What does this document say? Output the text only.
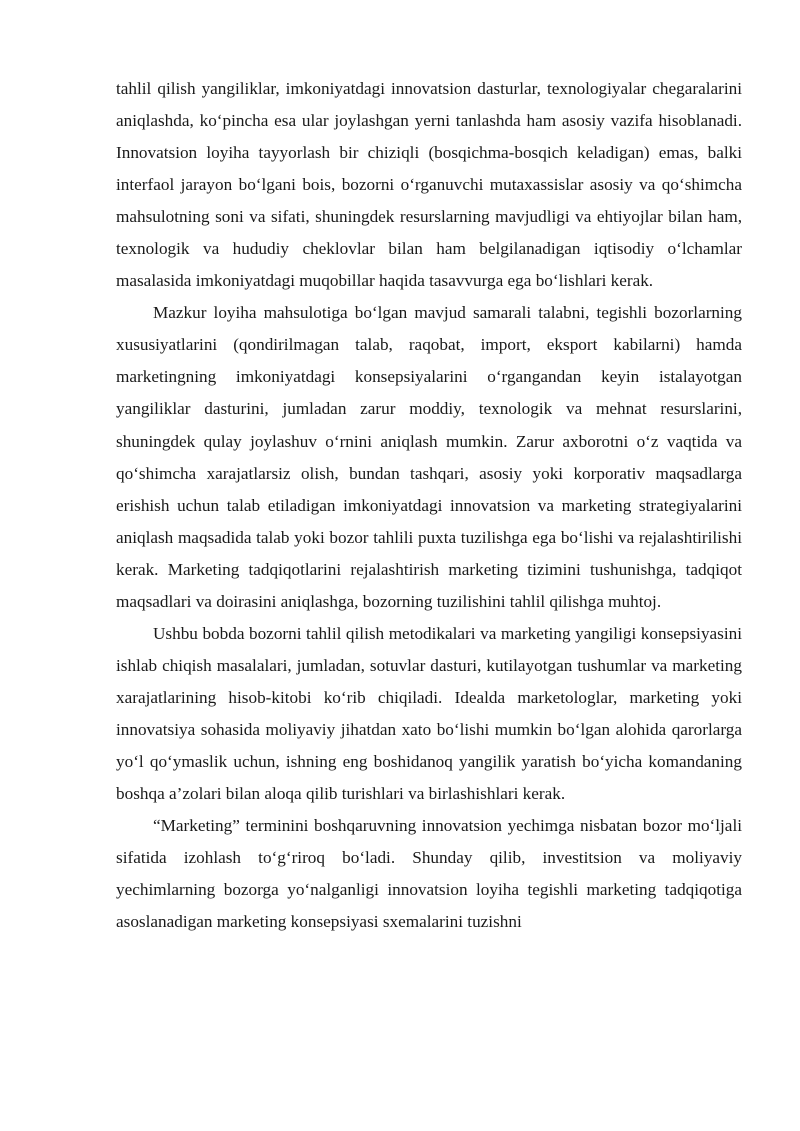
tahlil qilish yangiliklar, imkoniyatdagi innovatsion dasturlar, texnologiyalar chegaralarini aniqlashda, ko‘pincha esa ular joylashgan yerni tanlashda ham asosiy vazifa hisoblanadi. Innovatsion loyiha tayyorlash bir chiziqli (bosqichma-bosqich keladigan) emas, balki interfaol jarayon bo‘lgani bois, bozorni o‘rganuvchi mutaxassislar asosiy va qo‘shimcha mahsulotning soni va sifati, shuningdek resurslarning mavjudligi va ehtiyojlar bilan ham, texnologik va hududiy cheklovlar bilan ham belgilanadigan iqtisodiy o‘lchamlar masalasida imkoniyatdagi muqobillar haqida tasavvurga ega bo‘lishlari kerak.

Mazkur loyiha mahsulotiga bo‘lgan mavjud samarali talabni, tegishli bozorlarning xususiyatlarini (qondirilmagan talab, raqobat, import, eksport kabilarni) hamda marketingning imkoniyatdagi konsepsiyalarini o‘rgangandan keyin istalayotgan yangiliklar dasturini, jumladan zarur moddiy, texnologik va mehnat resurslarini, shuningdek qulay joylashuv o‘rnini aniqlash mumkin. Zarur axborotni o‘z vaqtida va qo‘shimcha xarajatlarsiz olish, bundan tashqari, asosiy yoki korporativ maqsadlarga erishish uchun talab etiladigan imkoniyatdagi innovatsion va marketing strategiyalarini aniqlash maqsadida talab yoki bozor tahlili puxta tuzilishga ega bo‘lishi va rejalashtirilishi kerak. Marketing tadqiqotlarini rejalashtirish marketing tizimini tushunishga, tadqiqot maqsadlari va doirasini aniqlashga, bozorning tuzilishini tahlil qilishga muhtoj.

Ushbu bobda bozorni tahlil qilish metodikalari va marketing yangiligi konsepsiyasini ishlab chiqish masalalari, jumladan, sotuvlar dasturi, kutilayotgan tushumlar va marketing xarajatlarining hisob-kitobi ko‘rib chiqiladi. Idealda marketologlar, marketing yoki innovatsiya sohasida moliyaviy jihatdan xato bo‘lishi mumkin bo‘lgan alohida qarorlarga yo‘l qo‘ymaslik uchun, ishning eng boshidanoq yangilik yaratish bo‘yicha komandaning boshqa a’zolari bilan aloqa qilib turishlari va birlashishlari kerak.

“Marketing” terminini boshqaruvning innovatsion yechimga nisbatan bozor mo‘ljali sifatida izohlash to‘g‘riroq bo‘ladi. Shunday qilib, investitsion va moliyaviy yechimlarning bozorga yo‘nalganligi innovatsion loyiha tegishli marketing tadqiqotiga asoslanadigan marketing konsepsiyasi sxemalarini tuzishni
